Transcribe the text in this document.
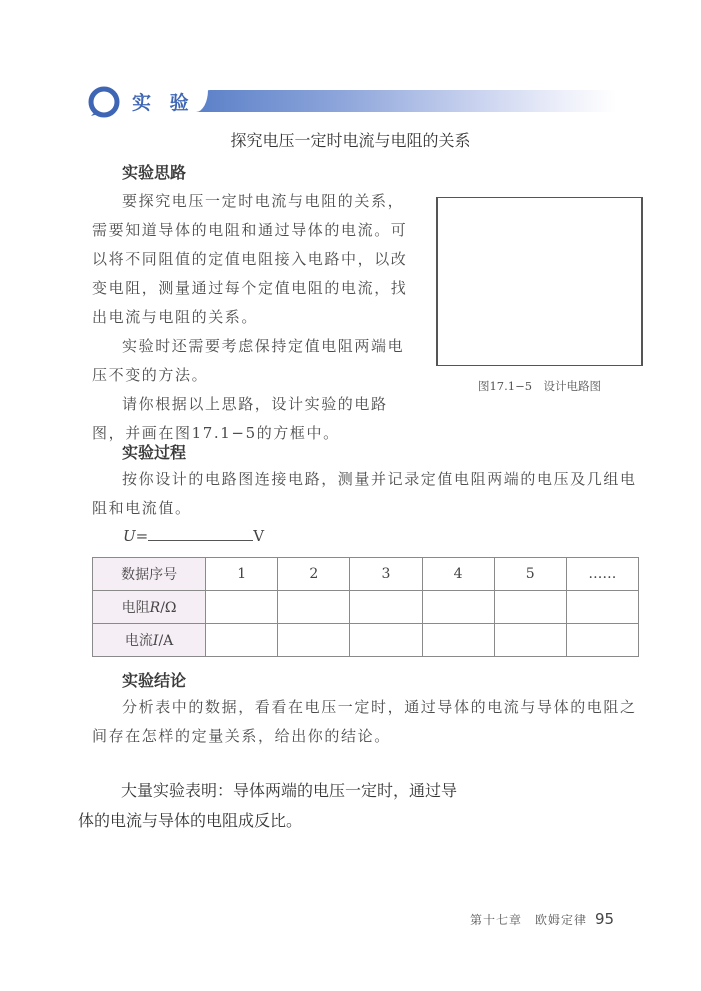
实 验
探究电压一定时电流与电阻的关系
实验思路

要探究电压一定时电流与电阻的关系，需要知道导体的电阻和通过导体的电流。可以将不同阻值的定值电阻接入电路中，以改变电阻，测量通过每个定值电阻的电流，找出电流与电阻的关系。

实验时还需要考虑保持定值电阻两端电压不变的方法。

请你根据以上思路，设计实验的电路图，并画在图17.1−5的方框中。

图17.1−5　设计电路图
实验过程

按你设计的电路图连接电路，测量并记录定值电阻两端的电压及几组电阻和电流值。

U=	V
数据序号	1	2	3	4	5	……
电阻R/Ω						
电流I/A						
实验结论

分析表中的数据，看看在电压一定时，通过导体的电流与导体的电阻之间存在怎样的定量关系，给出你的结论。

大量实验表明：导体两端的电压一定时，通过导
体的电流与导体的电阻成反比。
第十七章　欧姆定律 95
